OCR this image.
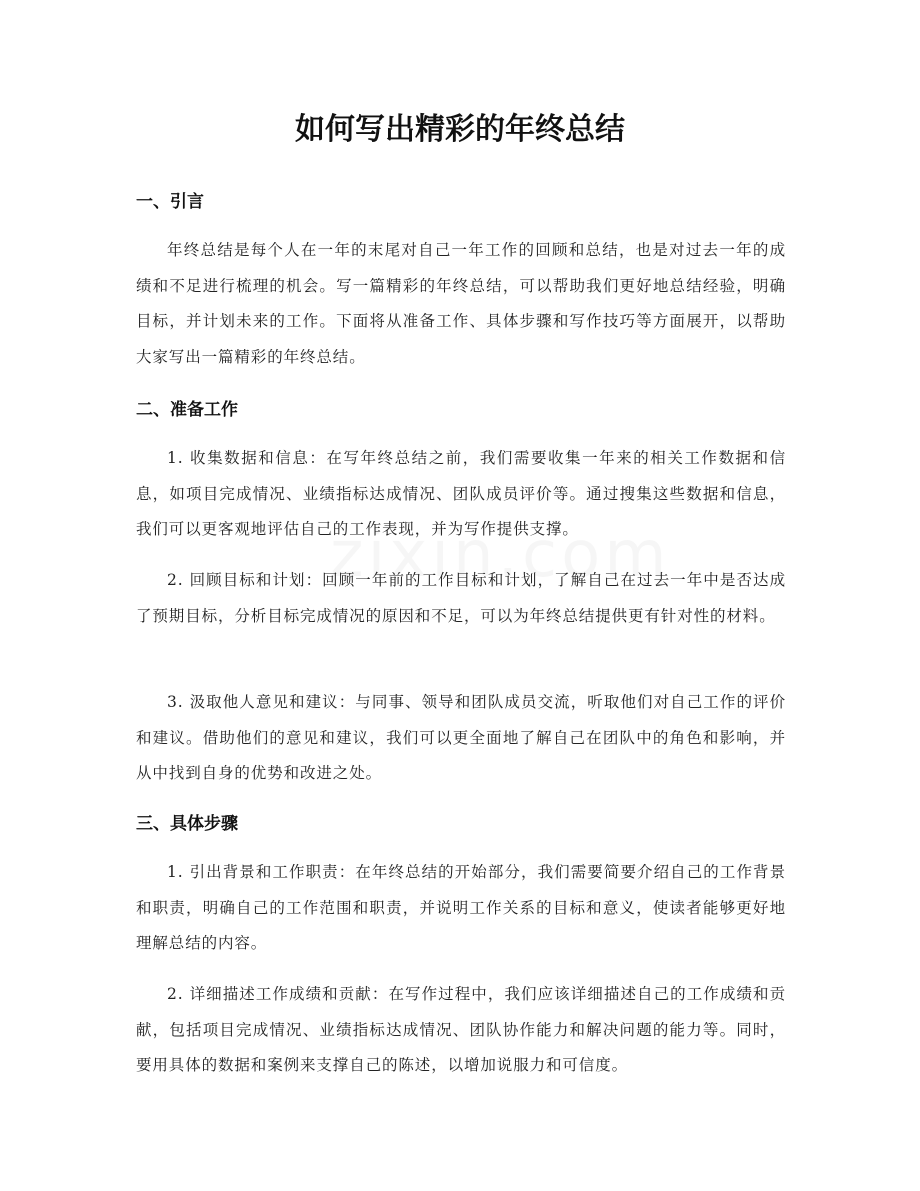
如何写出精彩的年终总结
一、引言

年终总结是每个人在一年的末尾对自己一年工作的回顾和总结，也是对过去一年的成绩和不足进行梳理的机会。写一篇精彩的年终总结，可以帮助我们更好地总结经验，明确目标，并计划未来的工作。下面将从准备工作、具体步骤和写作技巧等方面展开，以帮助大家写出一篇精彩的年终总结。

二、准备工作

1. 收集数据和信息：在写年终总结之前，我们需要收集一年来的相关工作数据和信息，如项目完成情况、业绩指标达成情况、团队成员评价等。通过搜集这些数据和信息，我们可以更客观地评估自己的工作表现，并为写作提供支撑。

2. 回顾目标和计划：回顾一年前的工作目标和计划，了解自己在过去一年中是否达成了预期目标，分析目标完成情况的原因和不足，可以为年终总结提供更有针对性的材料。

3. 汲取他人意见和建议：与同事、领导和团队成员交流，听取他们对自己工作的评价和建议。借助他们的意见和建议，我们可以更全面地了解自己在团队中的角色和影响，并从中找到自身的优势和改进之处。

三、具体步骤

1. 引出背景和工作职责：在年终总结的开始部分，我们需要简要介绍自己的工作背景和职责，明确自己的工作范围和职责，并说明工作关系的目标和意义，使读者能够更好地理解总结的内容。

2. 详细描述工作成绩和贡献：在写作过程中，我们应该详细描述自己的工作成绩和贡献，包括项目完成情况、业绩指标达成情况、团队协作能力和解决问题的能力等。同时，要用具体的数据和案例来支撑自己的陈述，以增加说服力和可信度。
